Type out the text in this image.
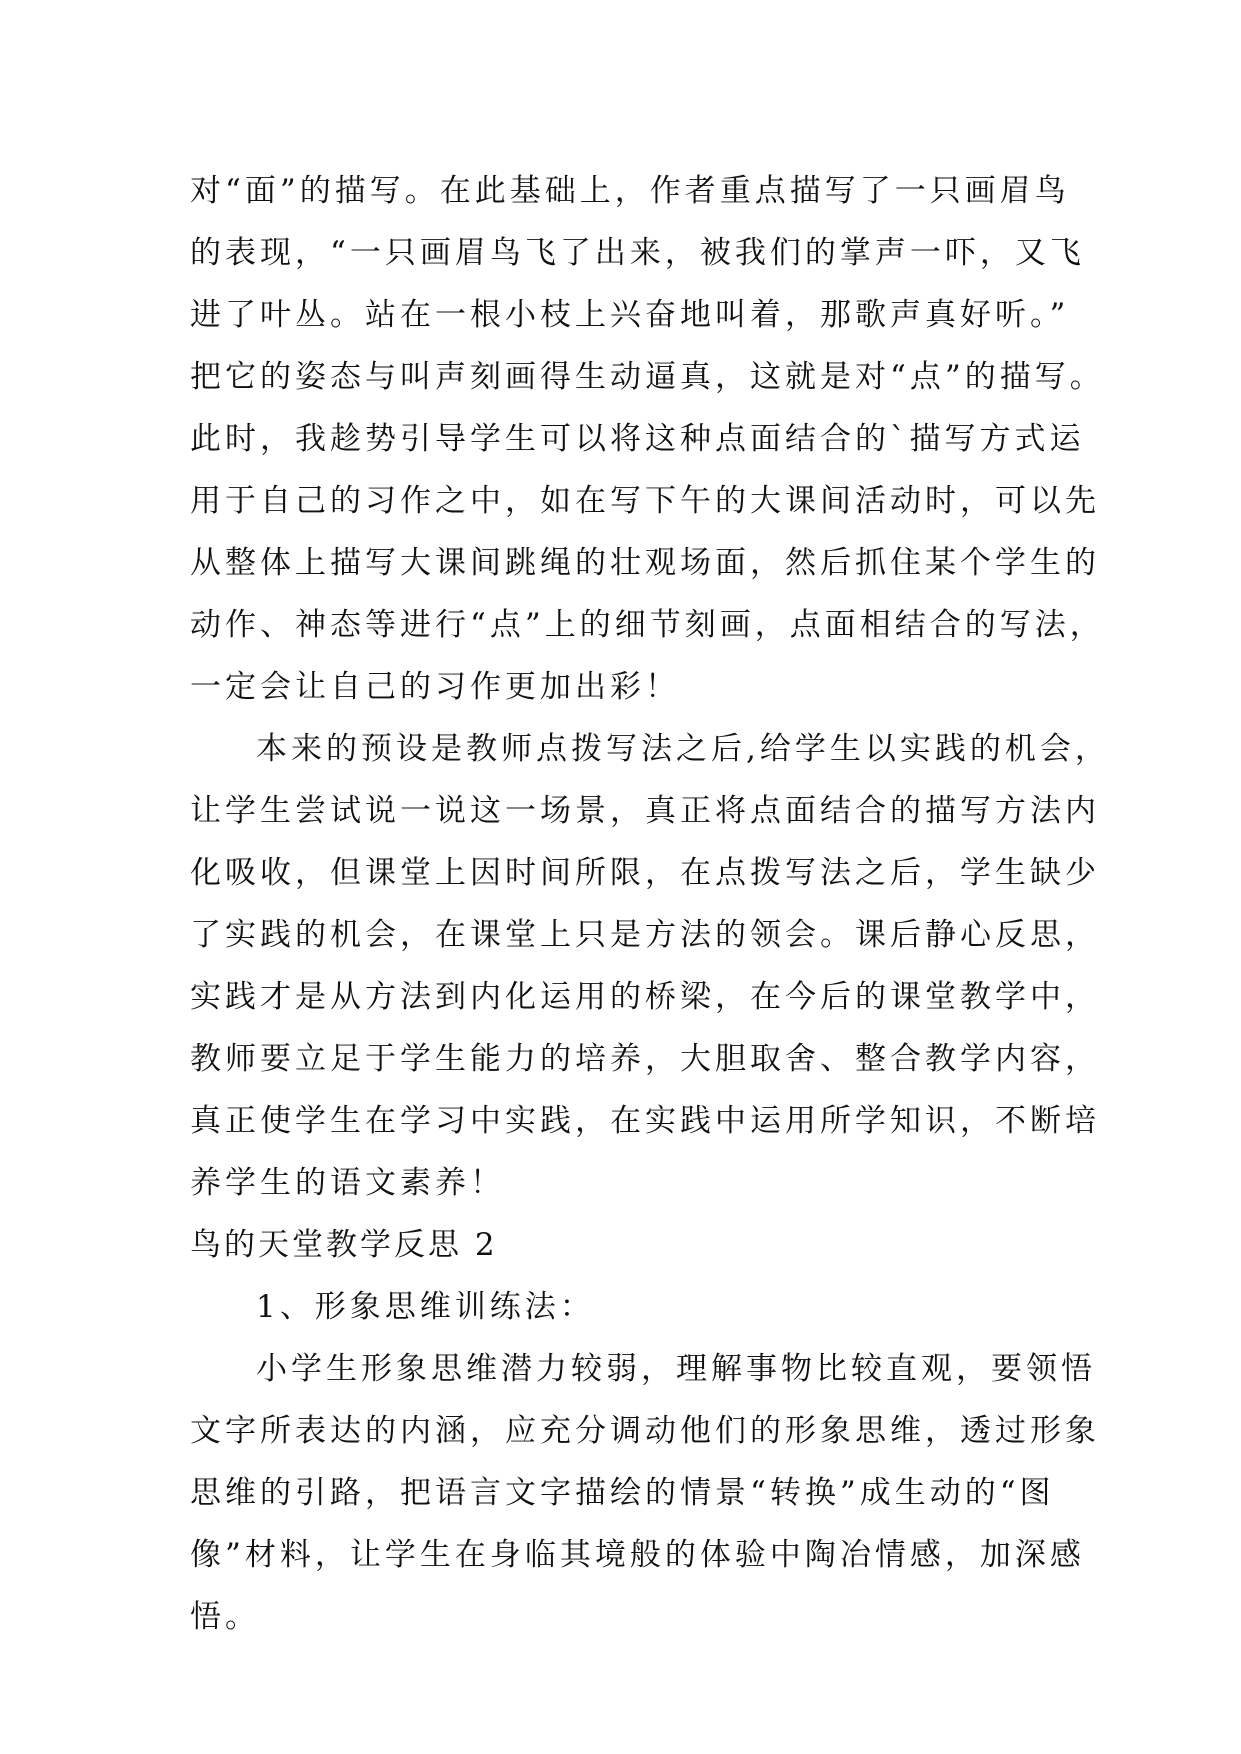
对“面”的描写。在此基础上，作者重点描写了一只画眉鸟
的表现，“一只画眉鸟飞了出来，被我们的掌声一吓，又飞
进了叶丛。站在一根小枝上兴奋地叫着，那歌声真好听。”
把它的姿态与叫声刻画得生动逼真，这就是对“点”的描写。
此时，我趁势引导学生可以将这种点面结合的`描写方式运
用于自己的习作之中，如在写下午的大课间活动时，可以先
从整体上描写大课间跳绳的壮观场面，然后抓住某个学生的
动作、神态等进行“点”上的细节刻画，点面相结合的写法，
一定会让自己的习作更加出彩！
本来的预设是教师点拨写法之后,给学生以实践的机会，
让学生尝试说一说这一场景，真正将点面结合的描写方法内
化吸收，但课堂上因时间所限，在点拨写法之后，学生缺少
了实践的机会，在课堂上只是方法的领会。课后静心反思，
实践才是从方法到内化运用的桥梁，在今后的课堂教学中，
教师要立足于学生能力的培养，大胆取舍、整合教学内容，
真正使学生在学习中实践，在实践中运用所学知识，不断培
养学生的语文素养！
鸟的天堂教学反思 2
1、形象思维训练法：
小学生形象思维潜力较弱，理解事物比较直观，要领悟
文字所表达的内涵，应充分调动他们的形象思维，透过形象
思维的引路，把语言文字描绘的情景“转换”成生动的“图
像”材料，让学生在身临其境般的体验中陶冶情感，加深感
悟。
